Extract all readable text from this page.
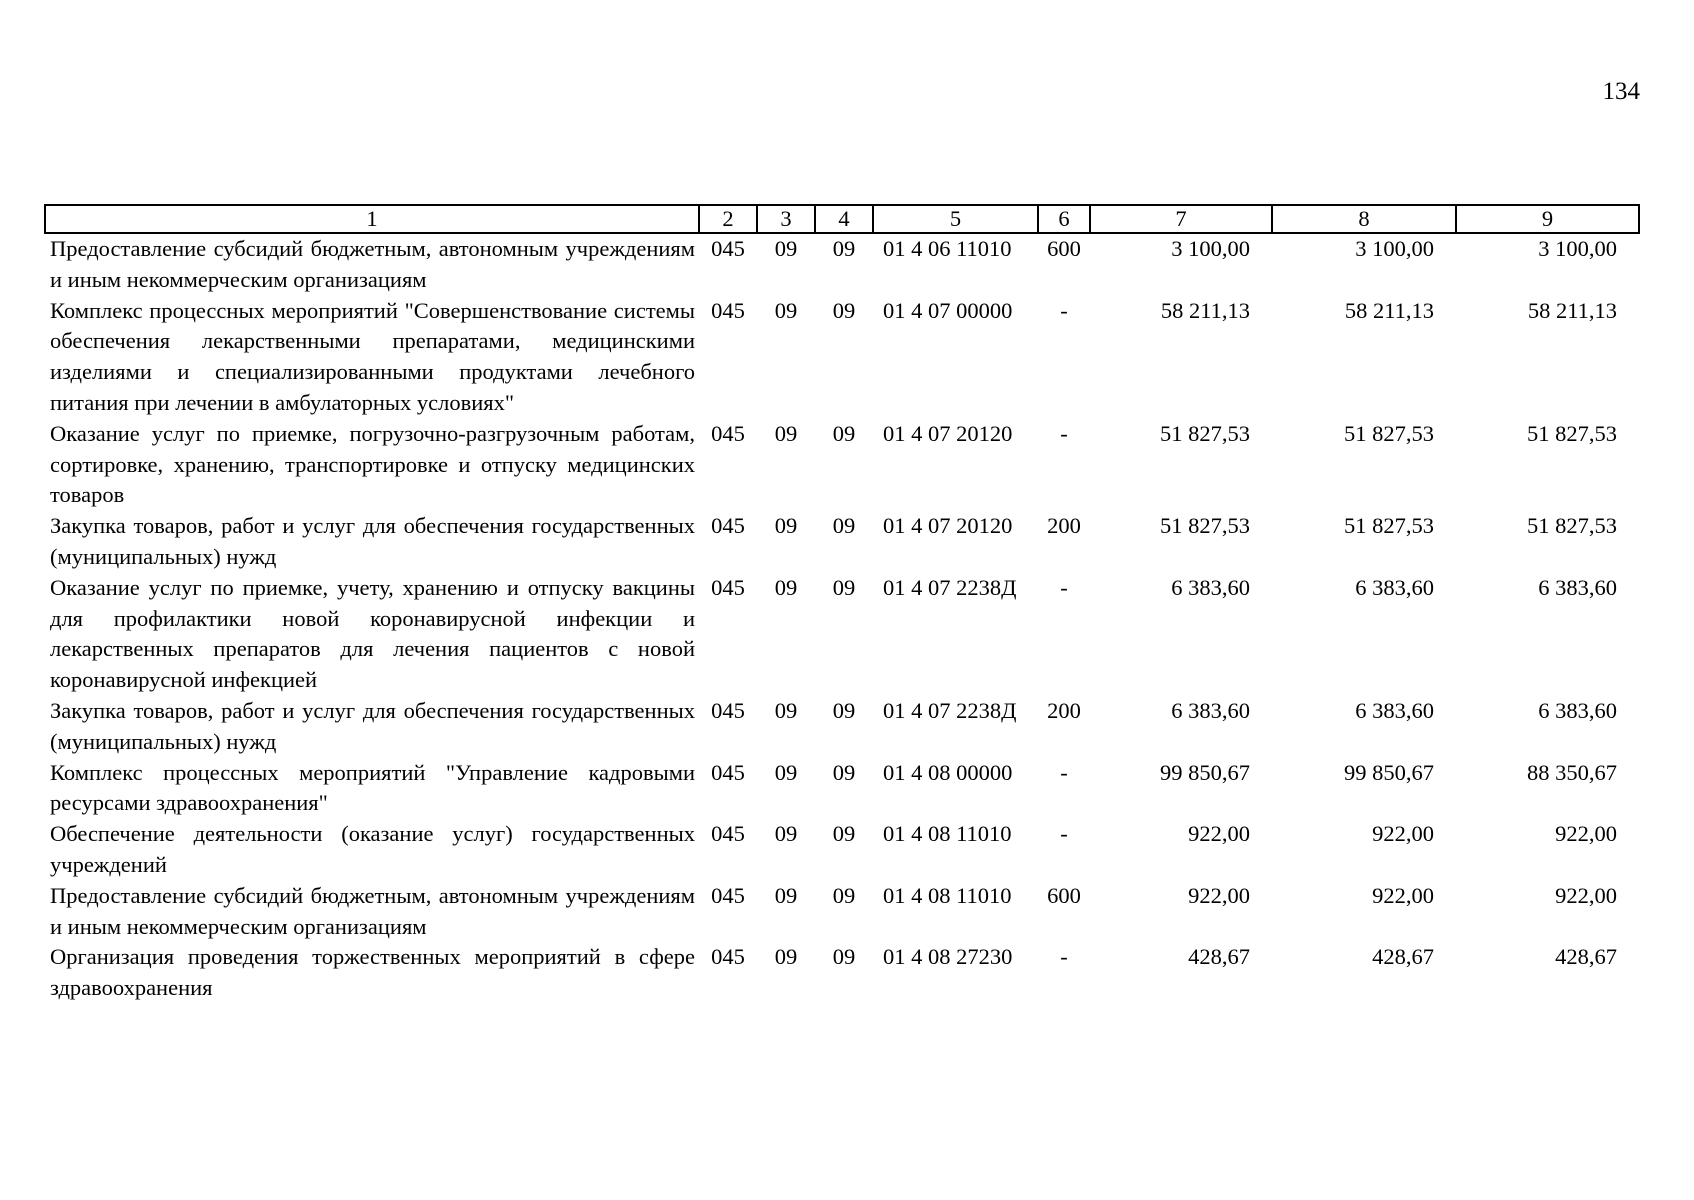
134
1	2	3	4	5	6	7	8	9
Предоставление субсидий бюджетным, автономным учреждениям и иным некоммерческим организациям	045	09	09	01 4 06 11010	600	3 100,00	3 100,00	3 100,00
Комплекс процессных мероприятий "Совершенствование системы обеспечения лекарственными препаратами, медицинскими изделиями и специализированными продуктами лечебного питания при лечении в амбулаторных условиях"	045	09	09	01 4 07 00000	-	58 211,13	58 211,13	58 211,13
Оказание услуг по приемке, погрузочно-разгрузочным работам, сортировке, хранению, транспортировке и отпуску медицинских товаров	045	09	09	01 4 07 20120	-	51 827,53	51 827,53	51 827,53
Закупка товаров, работ и услуг для обеспечения государственных (муниципальных) нужд	045	09	09	01 4 07 20120	200	51 827,53	51 827,53	51 827,53
Оказание услуг по приемке, учету, хранению и отпуску вакцины для профилактики новой коронавирусной инфекции и лекарственных препаратов для лечения пациентов с новой коронавирусной инфекцией	045	09	09	01 4 07 2238Д	-	6 383,60	6 383,60	6 383,60
Закупка товаров, работ и услуг для обеспечения государственных (муниципальных) нужд	045	09	09	01 4 07 2238Д	200	6 383,60	6 383,60	6 383,60
Комплекс процессных мероприятий "Управление кадровыми ресурсами здравоохранения"	045	09	09	01 4 08 00000	-	99 850,67	99 850,67	88 350,67
Обеспечение деятельности (оказание услуг) государственных учреждений	045	09	09	01 4 08 11010	-	922,00	922,00	922,00
Предоставление субсидий бюджетным, автономным учреждениям и иным некоммерческим организациям	045	09	09	01 4 08 11010	600	922,00	922,00	922,00
Организация проведения торжественных мероприятий в сфере здравоохранения	045	09	09	01 4 08 27230	-	428,67	428,67	428,67
